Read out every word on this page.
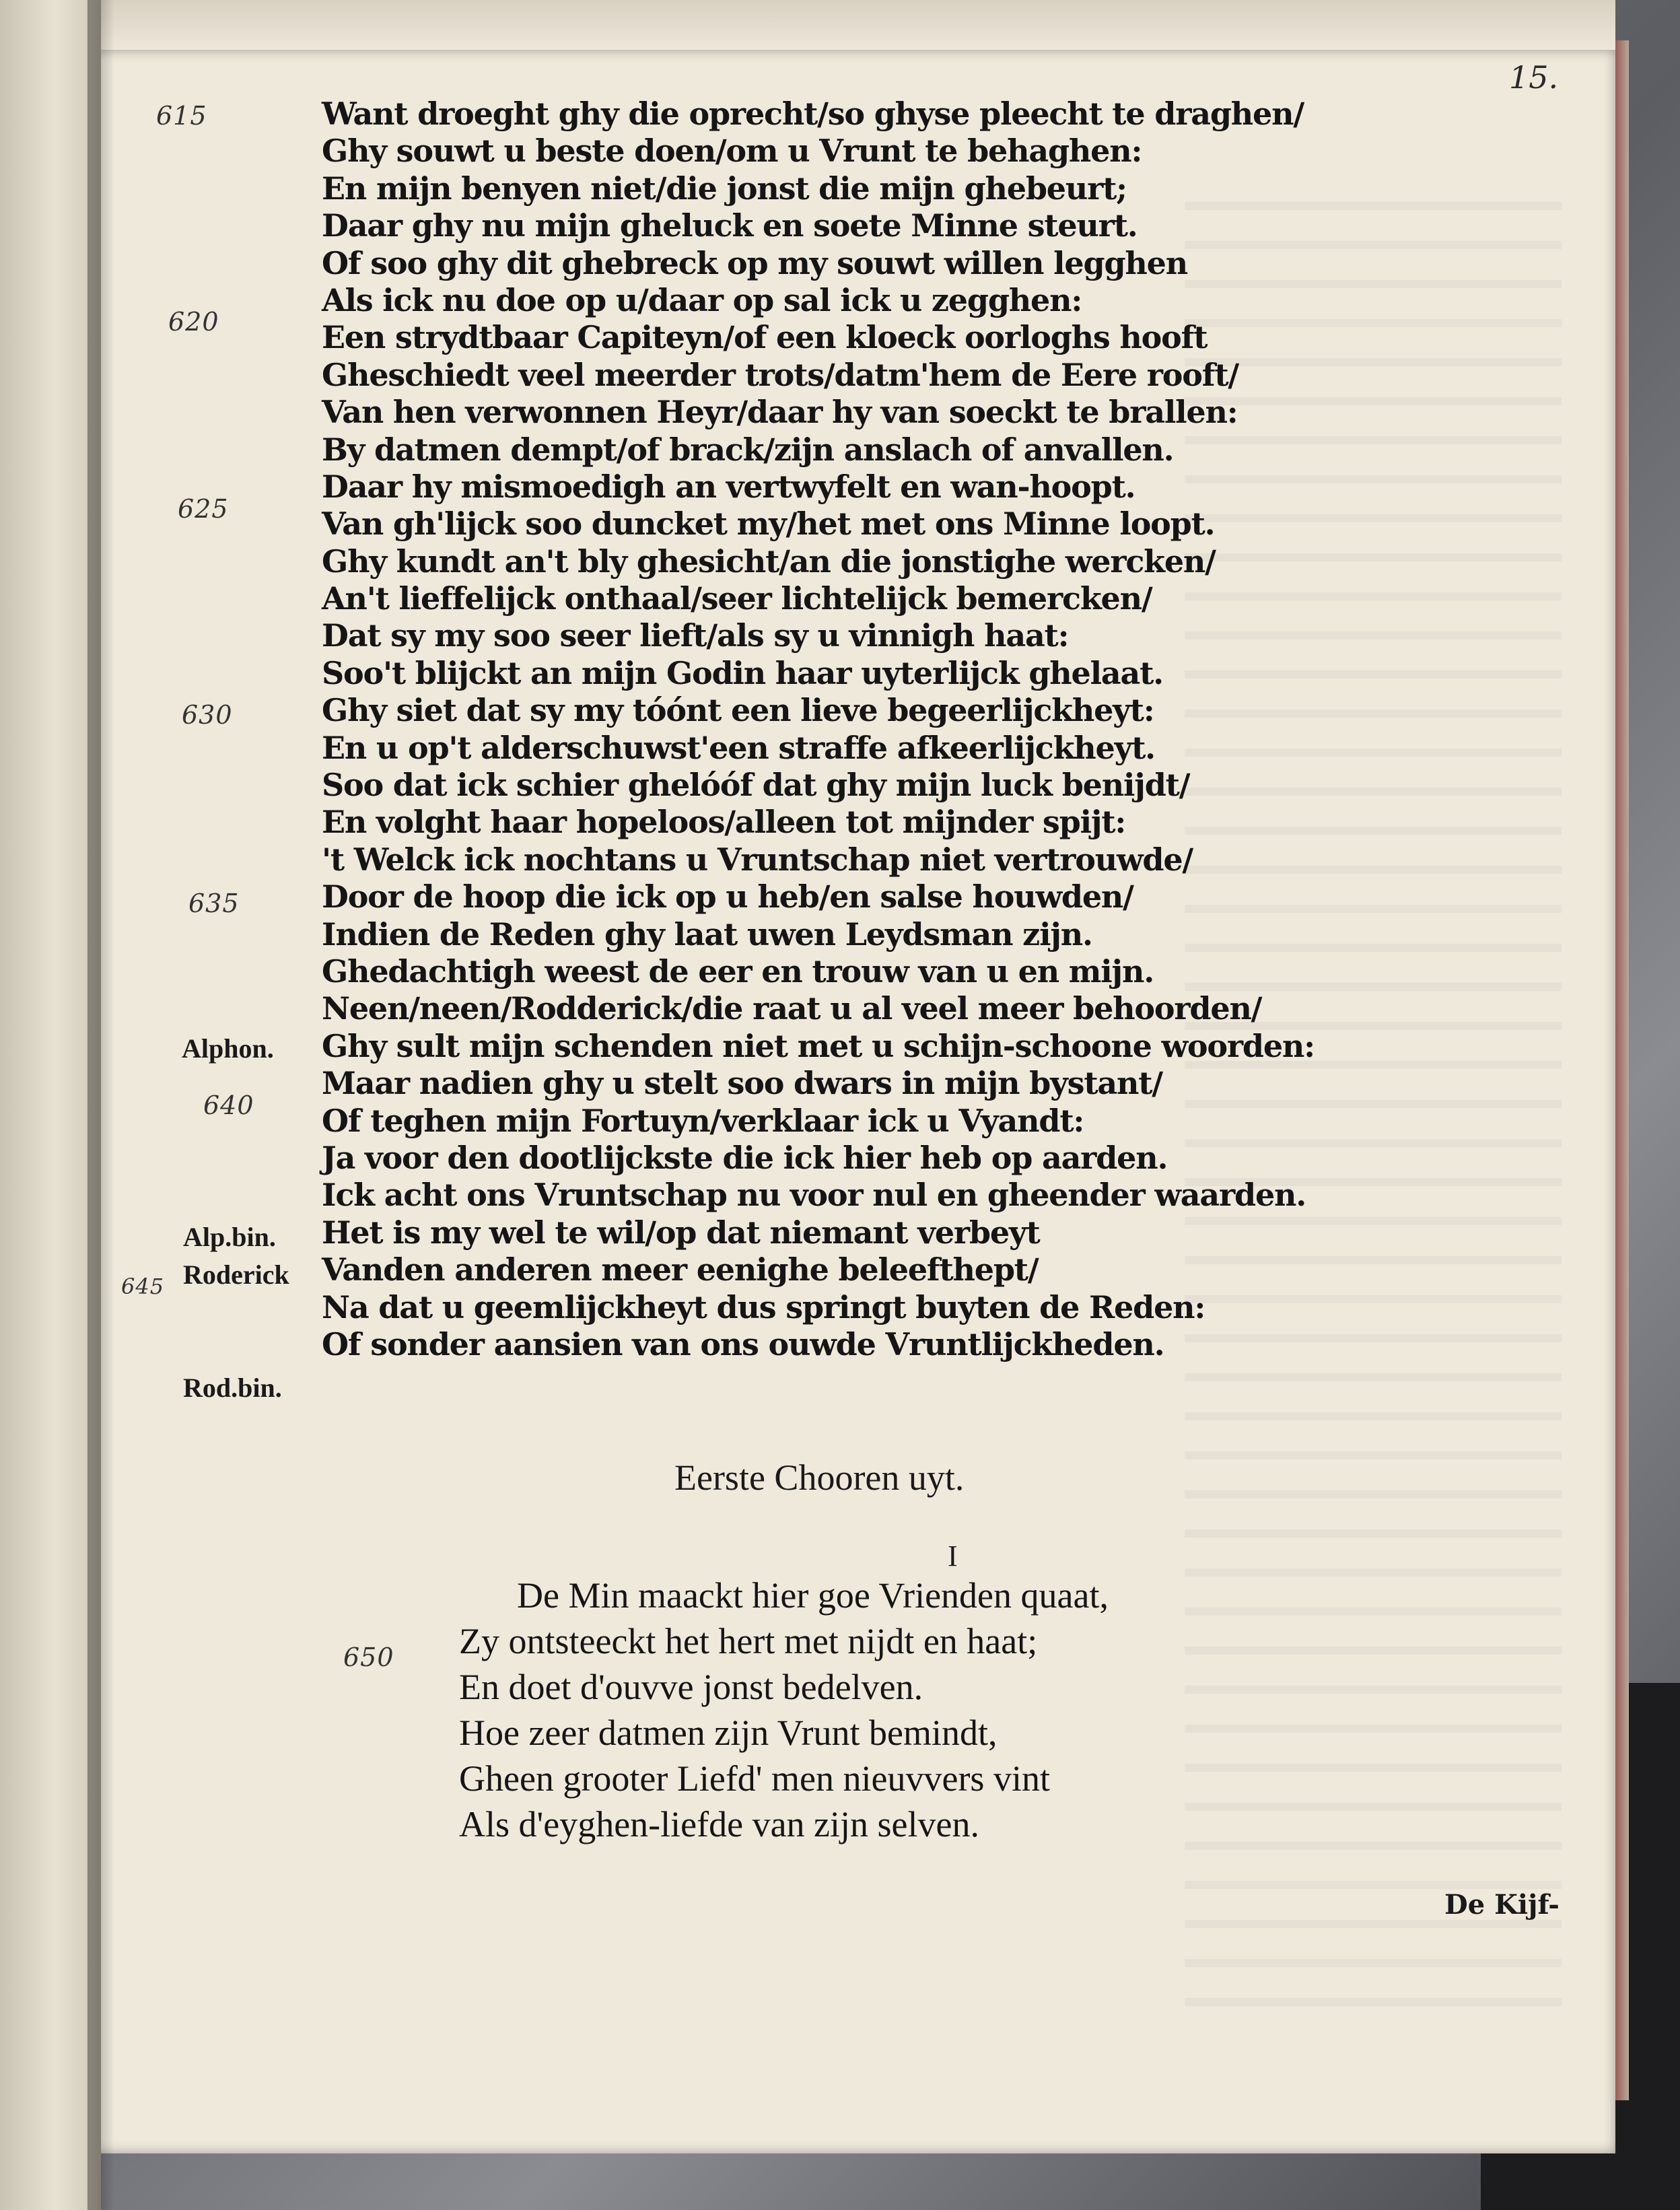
15.
615
620
625
630
635
640
645
650
Alphon.
Alp.bin.
Roderick
Rod.bin.
Want droeght ghy die oprecht/so ghyse pleecht te draghen/
Ghy souwt u beste doen/om u Vrunt te behaghen:
En mijn benyen niet/die jonst die mijn ghebeurt;
Daar ghy nu mijn gheluck en soete Minne steurt.
Of soo ghy dit ghebreck op my souwt willen legghen
Als ick nu doe op u/daar op sal ick u zegghen:
Een strydtbaar Capiteyn/of een kloeck oorloghs hooft
Gheschiedt veel meerder trots/datm'hem de Eere rooft/
Van hen verwonnen Heyr/daar hy van soeckt te brallen:
By datmen dempt/of brack/zijn anslach of anvallen.
Daar hy mismoedigh an vertwyfelt en wan-hoopt.
Van gh'lijck soo duncket my/het met ons Minne loopt.
Ghy kundt an't bly ghesicht/an die jonstighe wercken/
An't lieffelijck onthaal/seer lichtelijck bemercken/
Dat sy my soo seer lieft/als sy u vinnigh haat:
Soo't blijckt an mijn Godin haar uyterlijck ghelaat.
Ghy siet dat sy my tóónt een lieve begeerlijckheyt:
En u op't alderschuwst'een straffe afkeerlijckheyt.
Soo dat ick schier ghelóóf dat ghy mijn luck benijdt/
En volght haar hopeloos/alleen tot mijnder spijt:
't Welck ick nochtans u Vruntschap niet vertrouwde/
Door de hoop die ick op u heb/en salse houwden/
Indien de Reden ghy laat uwen Leydsman zijn.
Ghedachtigh weest de eer en trouw van u en mijn.
Neen/neen/Rodderick/die raat u al veel meer behoorden/
Ghy sult mijn schenden niet met u schijn-schoone woorden:
Maar nadien ghy u stelt soo dwars in mijn bystant/
Of teghen mijn Fortuyn/verklaar ick u Vyandt:
Ja voor den dootlijckste die ick hier heb op aarden.
Ick acht ons Vruntschap nu voor nul en gheender waarden.
Het is my wel te wil/op dat niemant verbeyt
Vanden anderen meer eenighe beleefthept/
Na dat u geemlijckheyt dus springt buyten de Reden:
Of sonder aansien van ons ouwde Vruntlijckheden.
Eerste Chooren uyt.
I
De Min maackt hier goe Vrienden quaat,
Zy ontsteeckt het hert met nijdt en haat;
En doet d'ouvve jonst bedelven.
Hoe zeer datmen zijn Vrunt bemindt,
Gheen grooter Liefd' men nieuvvers vint
Als d'eyghen-liefde van zijn selven.
De Kijf-
